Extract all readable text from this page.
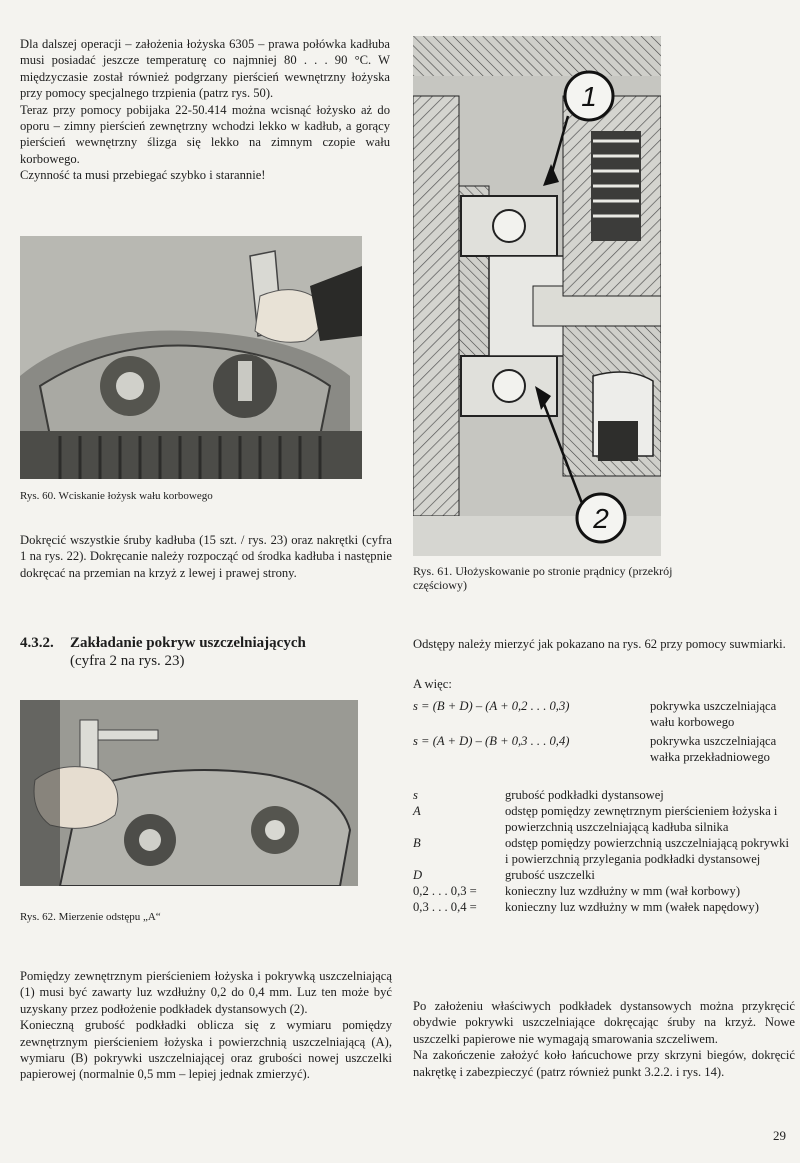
Dla dalszej operacji – założenia łożyska 6305 – prawa połówka kadłuba musi posiadać jeszcze temperaturę co najmniej 80 . . . 90 °C. W międzyczasie został również podgrzany pierścień wewnętrzny łożyska przy pomocy specjalnego trzpienia (patrz rys. 50).

Teraz przy pomocy pobijaka 22-50.414 można wcisnąć łożysko aż do oporu – zimny pierścień zewnętrzny wchodzi lekko w kadłub, a gorący pierścień wewnętrzny ślizga się lekko na zimnym czopie wału korbowego.

Czynność ta musi przebiegać szybko i starannie!

Rys. 60. Wciskanie łożysk wału korbowego
Dokręcić wszystkie śruby kadłuba (15 szt. / rys. 23) oraz nakrętki (cyfra 1 na rys. 22). Dokręcanie należy rozpocząć od środka kadłuba i następnie dokręcać na przemian na krzyż z lewej i prawej strony.
4.3.2. Zakładanie pokryw uszczelniających
(cyfra 2 na rys. 23)
Rys. 62. Mierzenie odstępu „A“

Pomiędzy zewnętrznym pierścieniem łożyska i pokrywką uszczelniającą (1) musi być zawarty luz wzdłużny 0,2 do 0,4 mm. Luz ten może być uzyskany przez podłożenie podkładek dystansowych (2).

Konieczną grubość podkładki oblicza się z wymiaru pomiędzy zewnętrznym pierścieniem łożyska i powierzchnią uszczelniającą (A), wymiaru (B) pokrywki uszczelniającej oraz grubości nowej uszczelki papierowej (normalnie 0,5 mm – lepiej jednak zmierzyć).

1
2
Rys. 61. Ułożyskowanie po stronie prądnicy (przekrój częściowy)
Odstępy należy mierzyć jak pokazano na rys. 62 przy pomocy suwmiarki.
A więc:
s = (B + D) – (A + 0,2 . . . 0,3)	pokrywka uszczelniająca wału korbowego
s = (A + D) – (B + 0,3 . . . 0,4)	pokrywka uszczelniająca wałka przekładniowego
s	grubość podkładki dystansowej
A	odstęp pomiędzy zewnętrznym pierścieniem łożyska i powierzchnią uszczelniającą kadłuba silnika
B	odstęp pomiędzy powierzchnią uszczelniającą pokrywki i powierzchnią przylegania podkładki dystansowej
D	grubość uszczelki
0,2 . . . 0,3 =	konieczny luz wzdłużny w mm (wał korbowy)
0,3 . . . 0,4 =	konieczny luz wzdłużny w mm (wałek napędowy)

Po założeniu właściwych podkładek dystansowych można przykręcić obydwie pokrywki uszczelniające dokręcając śruby na krzyż. Nowe uszczelki papierowe nie wymagają smarowania szczeliwem.

Na zakończenie założyć koło łańcuchowe przy skrzyni biegów, dokręcić nakrętkę i zabezpieczyć (patrz również punkt 3.2.2. i rys. 14).

29
